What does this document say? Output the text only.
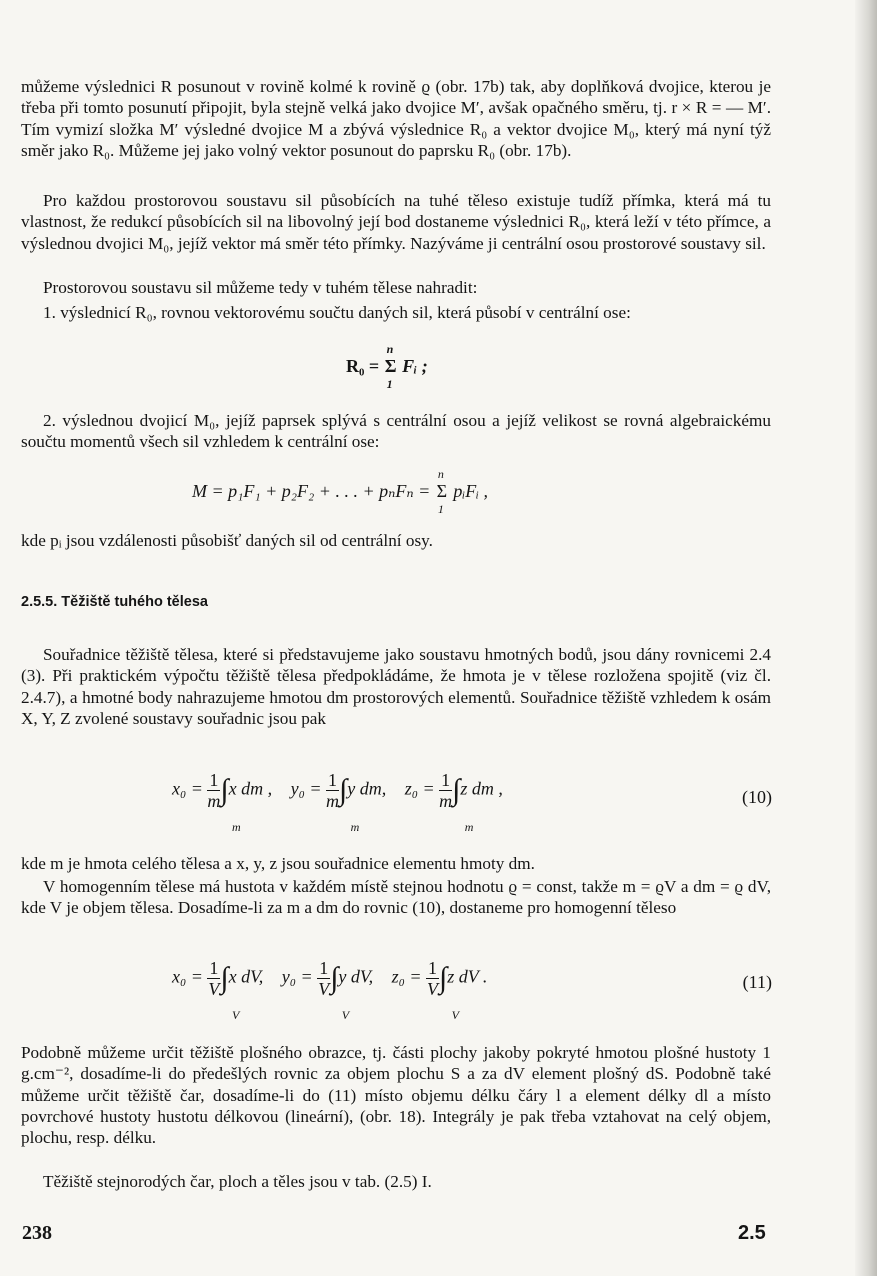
můžeme výslednici R posunout v rovině kolmé k rovině ϱ (obr. 17b) tak, aby doplňková dvojice, kterou je třeba při tomto posunutí připojit, byla stejně velká jako dvojice M′, avšak opačného směru, tj. r × R = — M′. Tím vymizí složka M′ výsledné dvojice M a zbývá výslednice R₀ a vektor dvojice M₀, který má nyní týž směr jako R₀. Můžeme jej jako volný vektor posunout do paprsku R₀ (obr. 17b).

Pro každou prostorovou soustavu sil působících na tuhé těleso existuje tudíž přímka, která má tu vlastnost, že redukcí působících sil na libovolný její bod dostaneme výslednici R₀, která leží v této přímce, a výslednou dvojici M₀, jejíž vektor má směr této přímky. Nazýváme ji centrální osou prostorové soustavy sil.

Prostorovou soustavu sil můžeme tedy v tuhém tělese nahradit:

1. výslednicí R₀, rovnou vektorovému součtu daných sil, která působí v centrální ose:

R₀ =
n
Σ
1
Fᵢ ;

2. výslednou dvojicí M₀, jejíž paprsek splývá s centrální osou a jejíž velikost se rovná algebraickému součtu momentů všech sil vzhledem k centrální ose:

M = p₁F₁ + p₂F₂ + . . . + pₙFₙ =
n
Σ
1
pᵢFᵢ ,

kde pᵢ jsou vzdálenosti působišť daných sil od centrální osy.

2.5.5. Těžiště tuhého tělesa

Souřadnice těžiště tělesa, které si představujeme jako soustavu hmotných bodů, jsou dány rovnicemi 2.4 (3). Při praktickém výpočtu těžiště tělesa předpokládáme, že hmota je v tělese rozložena spojitě (viz čl. 2.4.7), a hmotné body nahrazujeme hmotou dm prostorových elementů. Souřadnice těžiště vzhledem k osám X, Y, Z zvolené soustavy souřadnic jsou pak

$x_0 = \frac{1}{m} \int x$ dm ,
m
$y_0 = \frac{1}{m} \int y$ dm,
m
$z_0 = \frac{1}{m} \int z$ dm ,
m
(10)

kde m je hmota celého tělesa a x, y, z jsou souřadnice elementu hmoty dm.

V homogenním tělese má hustota v každém místě stejnou hodnotu ϱ = const, takže m = ϱV a dm = ϱ dV, kde V je objem tělesa. Dosadíme-li za m a dm do rovnic (10), dostaneme pro homogenní těleso

$x_0 = \frac{1}{V} \int x$ dV,
V
$y_0 = \frac{1}{V} \int y$ dV,
V
$z_0 = \frac{1}{V} \int z$ dV .
V
(11)

Podobně můžeme určit těžiště plošného obrazce, tj. části plochy jakoby pokryté hmotou plošné hustoty 1 g.cm⁻², dosadíme-li do předešlých rovnic za objem plochu S a za dV element plošný dS. Podobně také můžeme určit těžiště čar, dosadíme-li do (11) místo objemu délku čáry l a element délky dl a místo povrchové hustoty hustotu délkovou (lineární), (obr. 18). Integrály je pak třeba vztahovat na celý objem, plochu, resp. délku.

Těžiště stejnorodých čar, ploch a těles jsou v tab. (2.5) I.

238	2.5
